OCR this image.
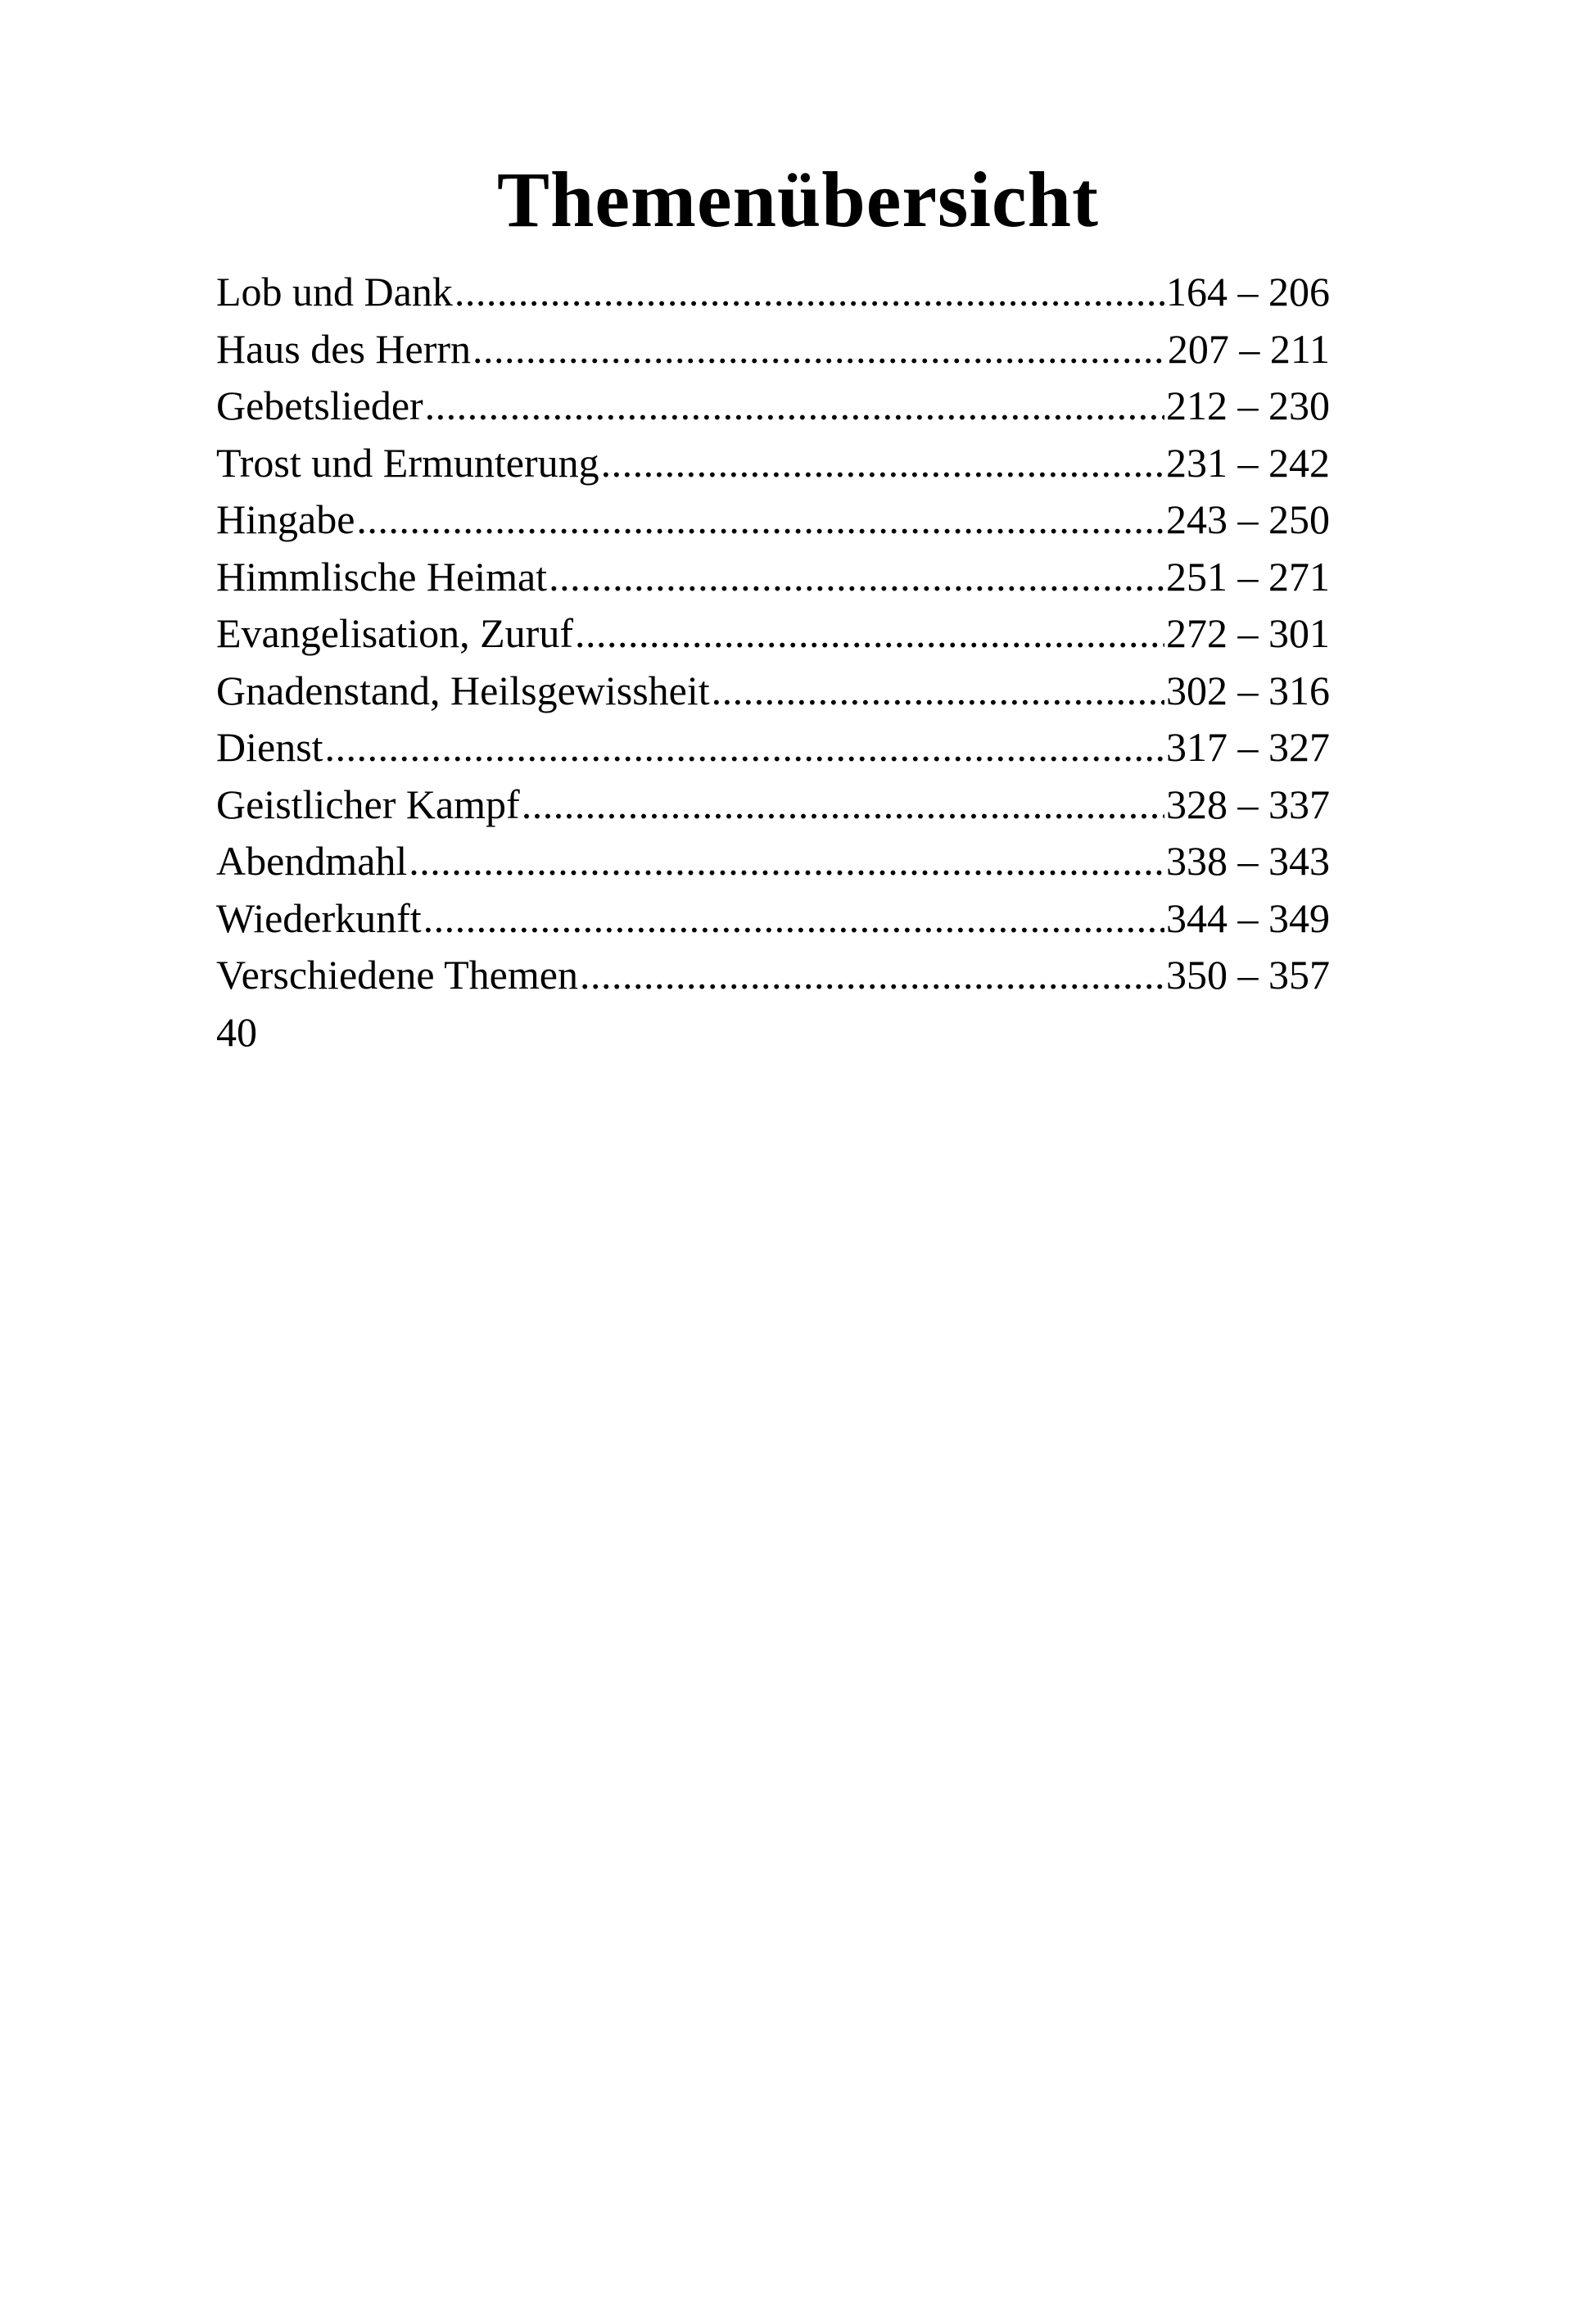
Themenübersicht
Lob und Dank .....	164 – 206
Haus des Herrn .....	207 – 211
Gebetslieder .....	212 – 230
Trost und Ermunterung .....	231 – 242
Hingabe .....	243 – 250
Himmlische Heimat .....	251 – 271
Evangelisation, Zuruf .....	272 – 301
Gnadenstand, Heilsgewissheit .....	302 – 316
Dienst .....	317 – 327
Geistlicher Kampf .....	328 – 337
Abendmahl .....	338 – 343
Wiederkunft .....	344 – 349
Verschiedene Themen .....	350 – 357
40
